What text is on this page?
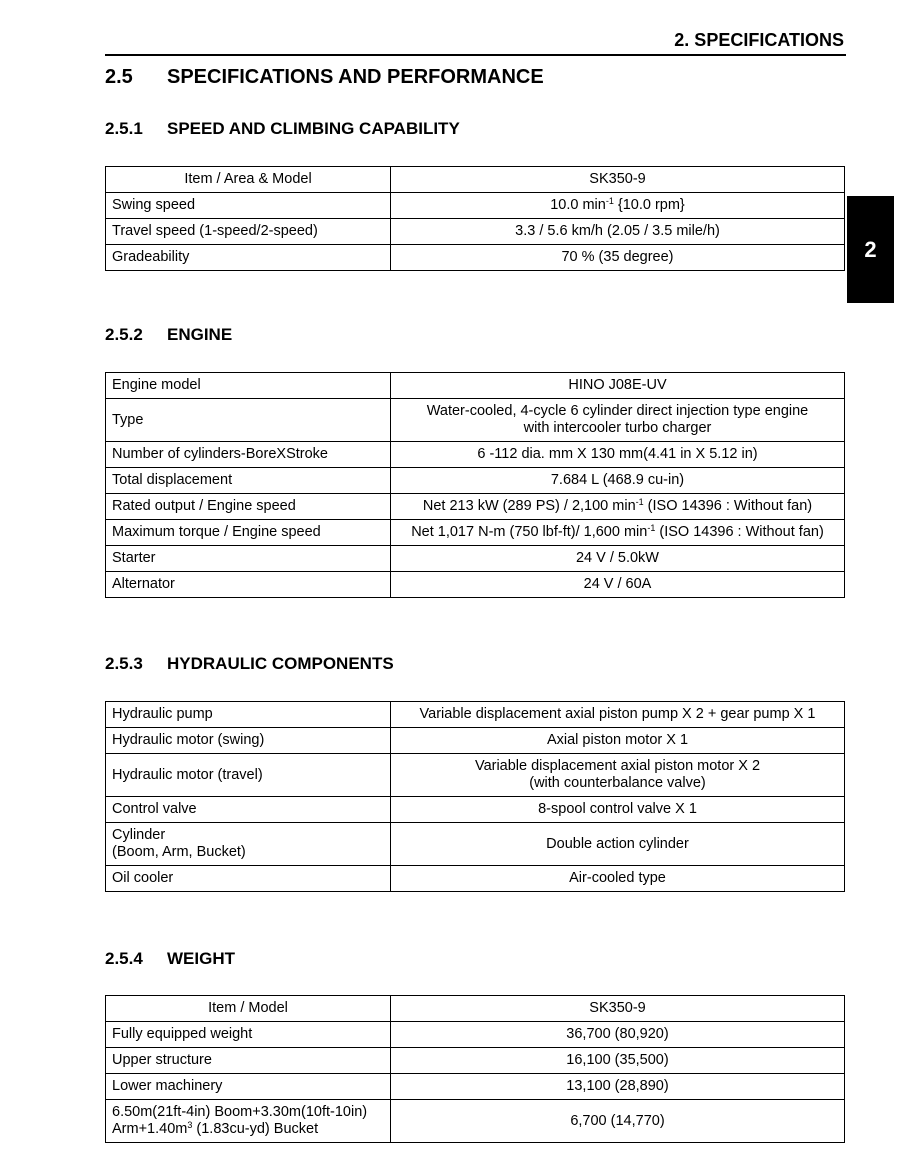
2. SPECIFICATIONS
2
2.5 SPECIFICATIONS AND PERFORMANCE
2.5.1 SPEED AND CLIMBING CAPABILITY
Item / Area & Model	SK350-9
Swing speed	10.0 $\min^{-1} \{10.0$ rpm}
Travel speed (1-speed/2-speed)	3.3 / 5.6 km/h (2.05 / 3.5 mile/h)
Gradeability	70 % (35 degree)
2.5.2 ENGINE
Engine model	HINO J08E-UV
Type	Water-cooled, 4-cycle 6 cylinder direct injection type engine
with intercooler turbo charger

Number of cylinders-BoreXStroke	6 -112 dia. mm X 130 mm(4.41 in X 5.12 in)
Total displacement	7.684 L (468.9 cu-in)
Rated output / Engine speed	Net 213 kW (289 PS) / 2,100 $\min^{-1} (ISO$ 14396 : Without fan)
Maximum torque / Engine speed	Net 1,017 N-m (750 lbf-ft)/ 1,600 $\min^{-1} (ISO$ 14396 : Without fan)
Starter	24 V / 5.0kW
Alternator	24 V / 60A
2.5.3 HYDRAULIC COMPONENTS
Hydraulic pump	Variable displacement axial piston pump X 2 + gear pump X 1
Hydraulic motor (swing)	Axial piston motor X 1
Hydraulic motor (travel)	Variable displacement axial piston motor X 2
(with counterbalance valve)

Control valve	8-spool control valve X 1

Cylinder
(Boom, Arm, Bucket)	Double action cylinder
Oil cooler	Air-cooled type
2.5.4 WEIGHT
Item / Model	SK350-9
Fully equipped weight	36,700 (80,920)
Upper structure	16,100 (35,500)
Lower machinery	13,100 (28,890)

6.50m(21ft-4in) Boom+3.30m(10ft-10in)
$Arm+1.40m^3$ (1.83cu-yd) Bucket	6,700 (14,770)
